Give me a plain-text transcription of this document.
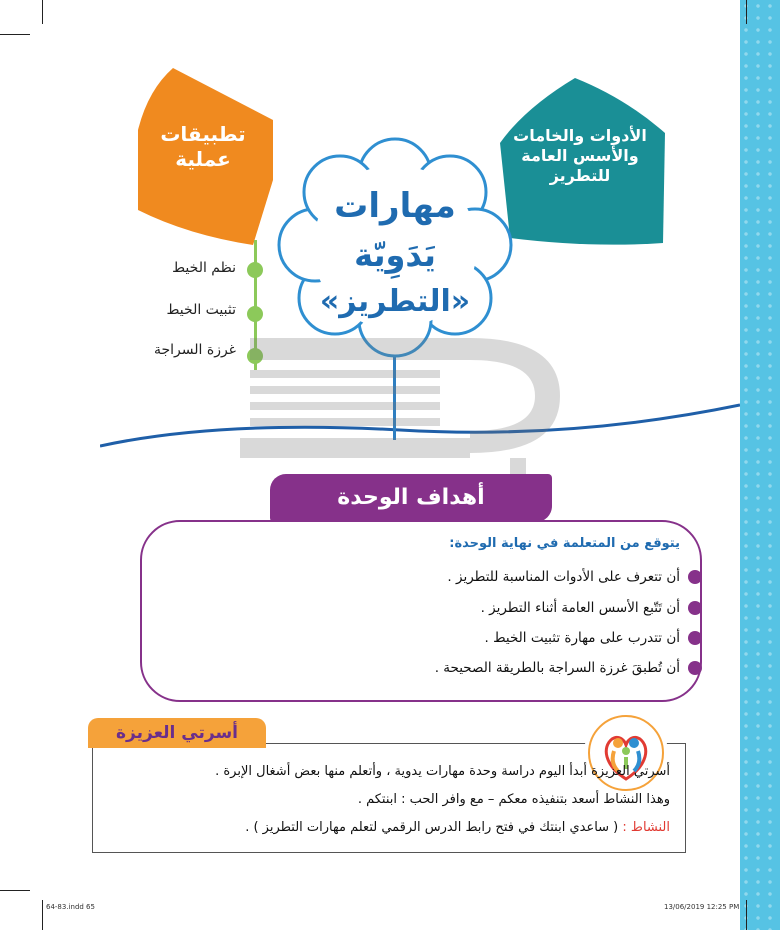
تطبيقات عملية
الأدوات والخامات والأسس العامة للتطريز
نظم الخيط
تثبيت الخيط
غرزة السراجة
مهارات
يَدَوِيّة
«التطريز»
أهداف الوحدة
يتوقع من المتعلمة في نهاية الوحدة:
أن تتعرف على الأدوات المناسبة للتطريز .
أن تَتّبع الأسس العامة أثناء التطريز .
أن تتدرب على مهارة تثبيت الخيط .
أن تُطبقَ غرزة السراجة بالطريقة الصحيحة .
أسرتي العزيزة
أسرتي العزيزة أبدأ اليوم دراسة وحدة مهارات يدوية ، وأتعلم منها بعض أشغال الإبرة .
وهذا النشاط أسعد بتنفيذه معكم – مع وافر الحب : ابنتكم .
النشاط : ( ساعدي ابنتك في فتح رابط الدرس الرقمي لتعلم مهارات التطريز ) .
64-83.indd 65	13/06/2019 12:25 PM
